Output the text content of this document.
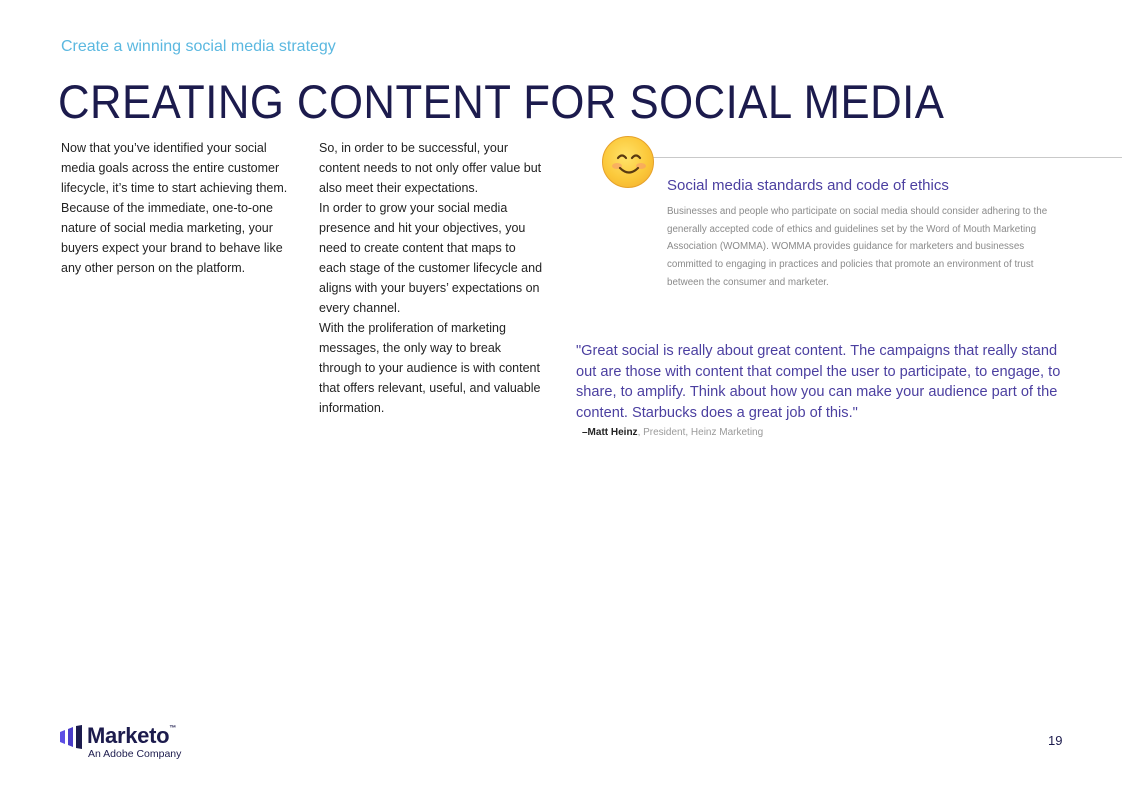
Create a winning social media strategy
CREATING CONTENT FOR SOCIAL MEDIA

Now that you’ve identified your social media goals across the entire customer lifecycle, it’s time to start achieving them. Because of the immediate, one-to-one nature of social media marketing, your buyers expect your brand to behave like any other person on the platform.

So, in order to be successful, your content needs to not only offer value but also meet their expectations.
In order to grow your social media presence and hit your objectives, you need to create content that maps to each stage of the customer lifecycle and aligns with your buyers’ expectations on every channel.
With the proliferation of marketing messages, the only way to break through to your audience is with content that offers relevant, useful, and valuable information.
Social media standards and code of ethics

Businesses and people who participate on social media should consider adhering to the generally accepted code of ethics and guidelines set by the Word of Mouth Marketing Association (WOMMA). WOMMA provides guidance for marketers and businesses committed to engaging in practices and policies that promote an environment of trust between the consumer and marketer.

"Great social is really about great content. The campaigns that really stand out are those with content that compel the user to participate, to engage, to share, to amplify. Think about how you can make your audience part of the content. Starbucks does a great job of this."

–Matt Heinz, President, Heinz Marketing
Marketo™
An Adobe Company
19
